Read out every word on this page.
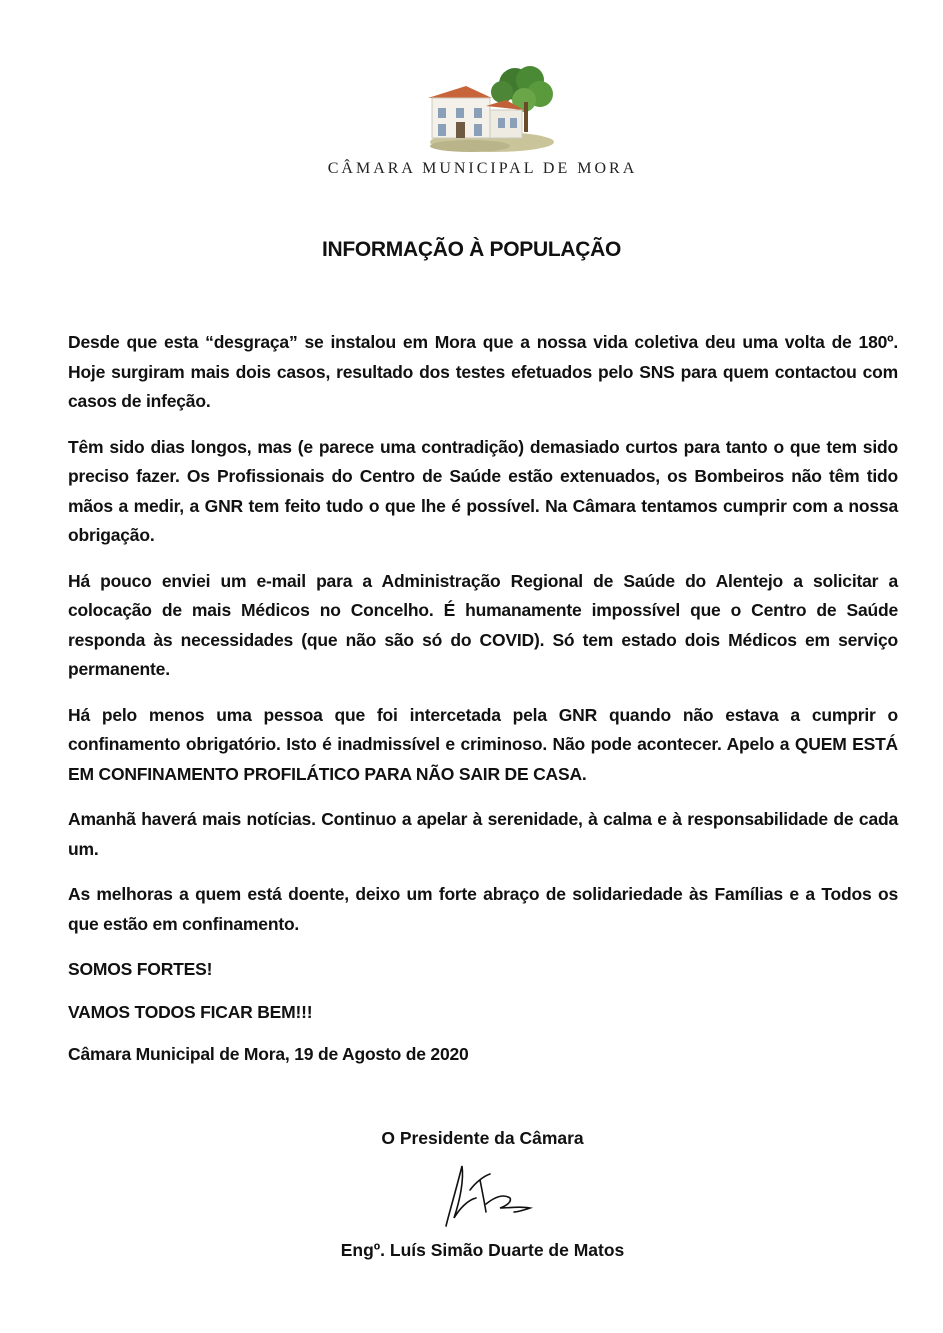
CÂMARA MUNICIPAL DE MORA
INFORMAÇÃO À POPULAÇÃO

Desde que esta “desgraça” se instalou em Mora que a nossa vida coletiva deu uma volta de 180º. Hoje surgiram mais dois casos, resultado dos testes efetuados pelo SNS para quem contactou com casos de infeção.

Têm sido dias longos, mas (e parece uma contradição) demasiado curtos para tanto o que tem sido preciso fazer. Os Profissionais do Centro de Saúde estão extenuados, os Bombeiros não têm tido mãos a medir, a GNR tem feito tudo o que lhe é possível. Na Câmara tentamos cumprir com a nossa obrigação.

Há pouco enviei um e-mail para a Administração Regional de Saúde do Alentejo a solicitar a colocação de mais Médicos no Concelho. É humanamente impossível que o Centro de Saúde responda às necessidades (que não são só do COVID). Só tem estado dois Médicos em serviço permanente.

Há pelo menos uma pessoa que foi intercetada pela GNR quando não estava a cumprir o confinamento obrigatório. Isto é inadmissível e criminoso. Não pode acontecer. Apelo a QUEM ESTÁ EM CONFINAMENTO PROFILÁTICO PARA NÃO SAIR DE CASA.

Amanhã haverá mais notícias. Continuo a apelar à serenidade, à calma e à responsabilidade de cada um.

As melhoras a quem está doente, deixo um forte abraço de solidariedade às Famílias e a Todos os que estão em confinamento.

SOMOS FORTES!

VAMOS TODOS FICAR BEM!!!

Câmara Municipal de Mora, 19 de Agosto de 2020

O Presidente da Câmara
Engº. Luís Simão Duarte de Matos
